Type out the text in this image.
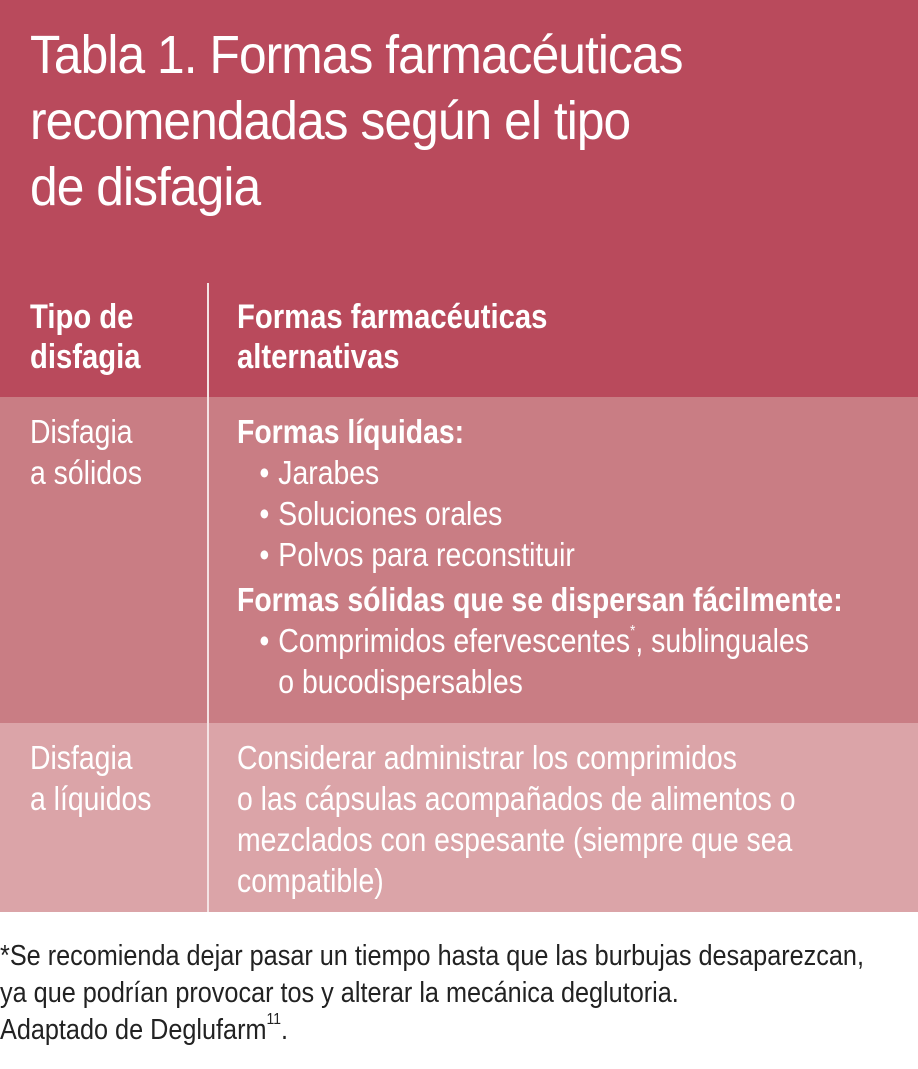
Tabla 1. Formas farmacéuticas
recomendadas según el tipo
de disfagia
Tipo de
disfagia
Formas farmacéuticas
alternativas
Disfagia
a sólidos
Formas líquidas:
• Jarabes
• Soluciones orales
• Polvos para reconstituir
Formas sólidas que se dispersan fácilmente:
• Comprimidos efervescentes*, sublinguales
o bucodispersables
Disfagia
a líquidos
Considerar administrar los comprimidos
o las cápsulas acompañados de alimentos o
mezclados con espesante (siempre que sea
compatible)
*Se recomienda dejar pasar un tiempo hasta que las burbujas desaparezcan,
ya que podrían provocar tos y alterar la mecánica deglutoria.
Adaptado de Deglufarm$^{11}$.
